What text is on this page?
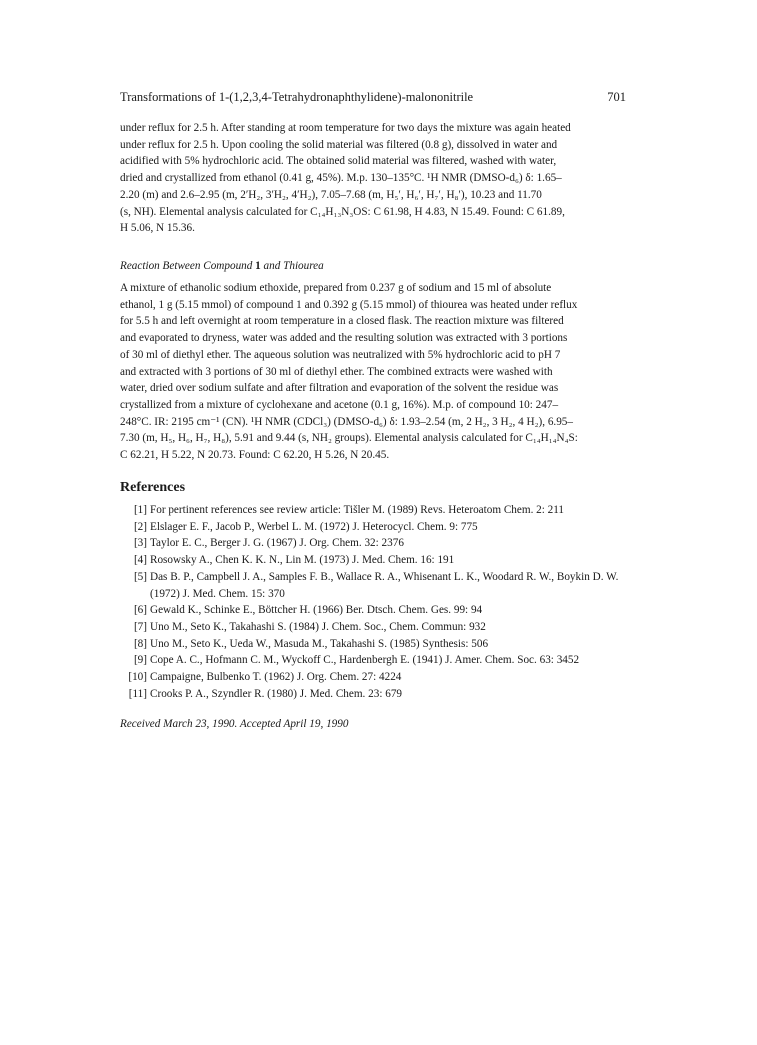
Transformations of 1-(1,2,3,4-Tetrahydronaphthylidene)-malononitrile	701

under reflux for 2.5 h. After standing at room temperature for two days the mixture was again heated

under reflux for 2.5 h. Upon cooling the solid material was filtered (0.8 g), dissolved in water and

acidified with 5% hydrochloric acid. The obtained solid material was filtered, washed with water,

dried and crystallized from ethanol (0.41 g, 45%). M.p. 130–135°C. ¹H NMR (DMSO-d₆) δ: 1.65–

2.20 (m) and 2.6–2.95 (m, 2′H₂, 3′H₂, 4′H₂), 7.05–7.68 (m, H₅′, H₆′, H₇′, H₈′), 10.23 and 11.70

(s, NH). Elemental analysis calculated for C₁₄H₁₃N₃OS: C 61.98, H 4.83, N 15.49. Found: C 61.89,

H 5.06, N 15.36.

Reaction Between Compound 1 and Thiourea

A mixture of ethanolic sodium ethoxide, prepared from 0.237 g of sodium and 15 ml of absolute

ethanol, 1 g (5.15 mmol) of compound 1 and 0.392 g (5.15 mmol) of thiourea was heated under reflux

for 5.5 h and left overnight at room temperature in a closed flask. The reaction mixture was filtered

and evaporated to dryness, water was added and the resulting solution was extracted with 3 portions

of 30 ml of diethyl ether. The aqueous solution was neutralized with 5% hydrochloric acid to pH 7

and extracted with 3 portions of 30 ml of diethyl ether. The combined extracts were washed with

water, dried over sodium sulfate and after filtration and evaporation of the solvent the residue was

crystallized from a mixture of cyclohexane and acetone (0.1 g, 16%). M.p. of compound 10: 247–

248°C. IR: 2195 cm⁻¹ (CN). ¹H NMR (CDCl₃) (DMSO-d₆) δ: 1.93–2.54 (m, 2 H₂, 3 H₂, 4 H₂), 6.95–

7.30 (m, H₅, H₆, H₇, H₈), 5.91 and 9.44 (s, NH₂ groups). Elemental analysis calculated for C₁₄H₁₄N₄S:

C 62.21, H 5.22, N 20.73. Found: C 62.20, H 5.26, N 20.45.

References
[1] For pertinent references see review article: Tišler M. (1989) Revs. Heteroatom Chem. 2: 211
[2] Elslager E. F., Jacob P., Werbel L. M. (1972) J. Heterocycl. Chem. 9: 775
[3] Taylor E. C., Berger J. G. (1967) J. Org. Chem. 32: 2376
[4] Rosowsky A., Chen K. K. N., Lin M. (1973) J. Med. Chem. 16: 191
[5] Das B. P., Campbell J. A., Samples F. B., Wallace R. A., Whisenant L. K., Woodard R. W., Boykin D. W. (1972) J. Med. Chem. 15: 370
[6] Gewald K., Schinke E., Böttcher H. (1966) Ber. Dtsch. Chem. Ges. 99: 94
[7] Uno M., Seto K., Takahashi S. (1984) J. Chem. Soc., Chem. Commun: 932
[8] Uno M., Seto K., Ueda W., Masuda M., Takahashi S. (1985) Synthesis: 506
[9] Cope A. C., Hofmann C. M., Wyckoff C., Hardenbergh E. (1941) J. Amer. Chem. Soc. 63: 3452
[10] Campaigne, Bulbenko T. (1962) J. Org. Chem. 27: 4224
[11] Crooks P. A., Szyndler R. (1980) J. Med. Chem. 23: 679
Received March 23, 1990. Accepted April 19, 1990
